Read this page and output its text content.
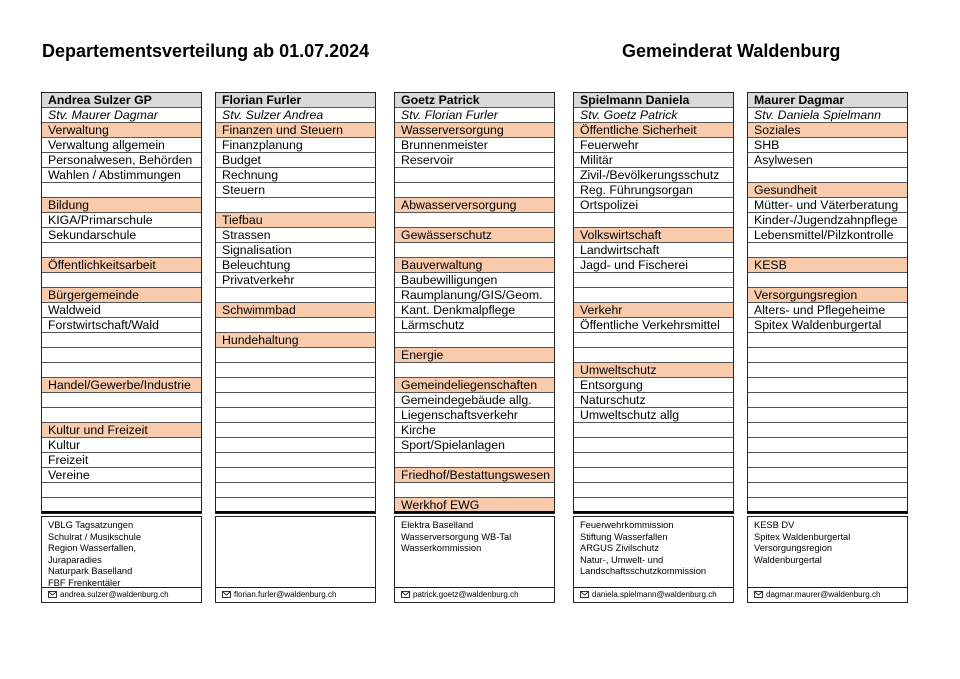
Departementsverteilung ab 01.07.2024	Gemeinderat Waldenburg
Andrea Sulzer GP
Stv. Maurer Dagmar
Verwaltung
Verwaltung allgemein
Personalwesen, Behörden
Wahlen / Abstimmungen
Bildung
KIGA/Primarschule
Sekundarschule
Öffentlichkeitsarbeit
Bürgergemeinde
Waldweid
Forstwirtschaft/Wald
Handel/Gewerbe/Industrie
Kultur und Freizeit
Kultur
Freizeit
Vereine
VBLG Tagsatzungen
Schulrat / Musikschule
Region Wasserfallen,
Juraparadies
Naturpark Baselland
FBF Frenkentäler
andrea.sulzer@waldenburg.ch
Florian Furler
Stv. Sulzer Andrea
Finanzen und Steuern
Finanzplanung
Budget
Rechnung
Steuern
Tiefbau
Strassen
Signalisation
Beleuchtung
Privatverkehr
Schwimmbad
Hundehaltung
florian.furler@waldenburg.ch
Goetz Patrick
Stv. Florian Furler
Wasserversorgung
Brunnenmeister
Reservoir
Abwasserversorgung
Gewässerschutz
Bauverwaltung
Baubewilligungen
Raumplanung/GIS/Geom.
Kant. Denkmalpflege
Lärmschutz
Energie
Gemeindeliegenschaften
Gemeindegebäude allg.
Liegenschaftsverkehr
Kirche
Sport/Spielanlagen
Friedhof/Bestattungswesen
Werkhof EWG
Elektra Baselland
Wasserversorgung WB-Tal
Wasserkommission
patrick.goetz@waldenburg.ch
Spielmann Daniela
Stv. Goetz Patrick
Öffentliche Sicherheit
Feuerwehr
Militär
Zivil-/Bevölkerungsschutz
Reg. Führungsorgan
Ortspolizei
Volkswirtschaft
Landwirtschaft
Jagd- und Fischerei
Verkehr
Öffentliche Verkehrsmittel
Umweltschutz
Entsorgung
Naturschutz
Umweltschutz allg
Feuerwehrkommission
Stiftung Wasserfallen
ARGUS Zivilschutz
Natur-, Umwelt- und
Landschaftsschutzkommission
daniela.spielmann@waldenburg.ch
Maurer Dagmar
Stv. Daniela Spielmann
Soziales
SHB
Asylwesen
Gesundheit
Mütter- und Väterberatung
Kinder-/Jugendzahnpflege
Lebensmittel/Pilzkontrolle
KESB
Versorgungsregion
Alters- und Pflegeheime
Spitex Waldenburgertal
KESB DV
Spitex Waldenburgertal
Versorgungsregion
Waldenburgertal
dagmar.maurer@waldenburg.ch
